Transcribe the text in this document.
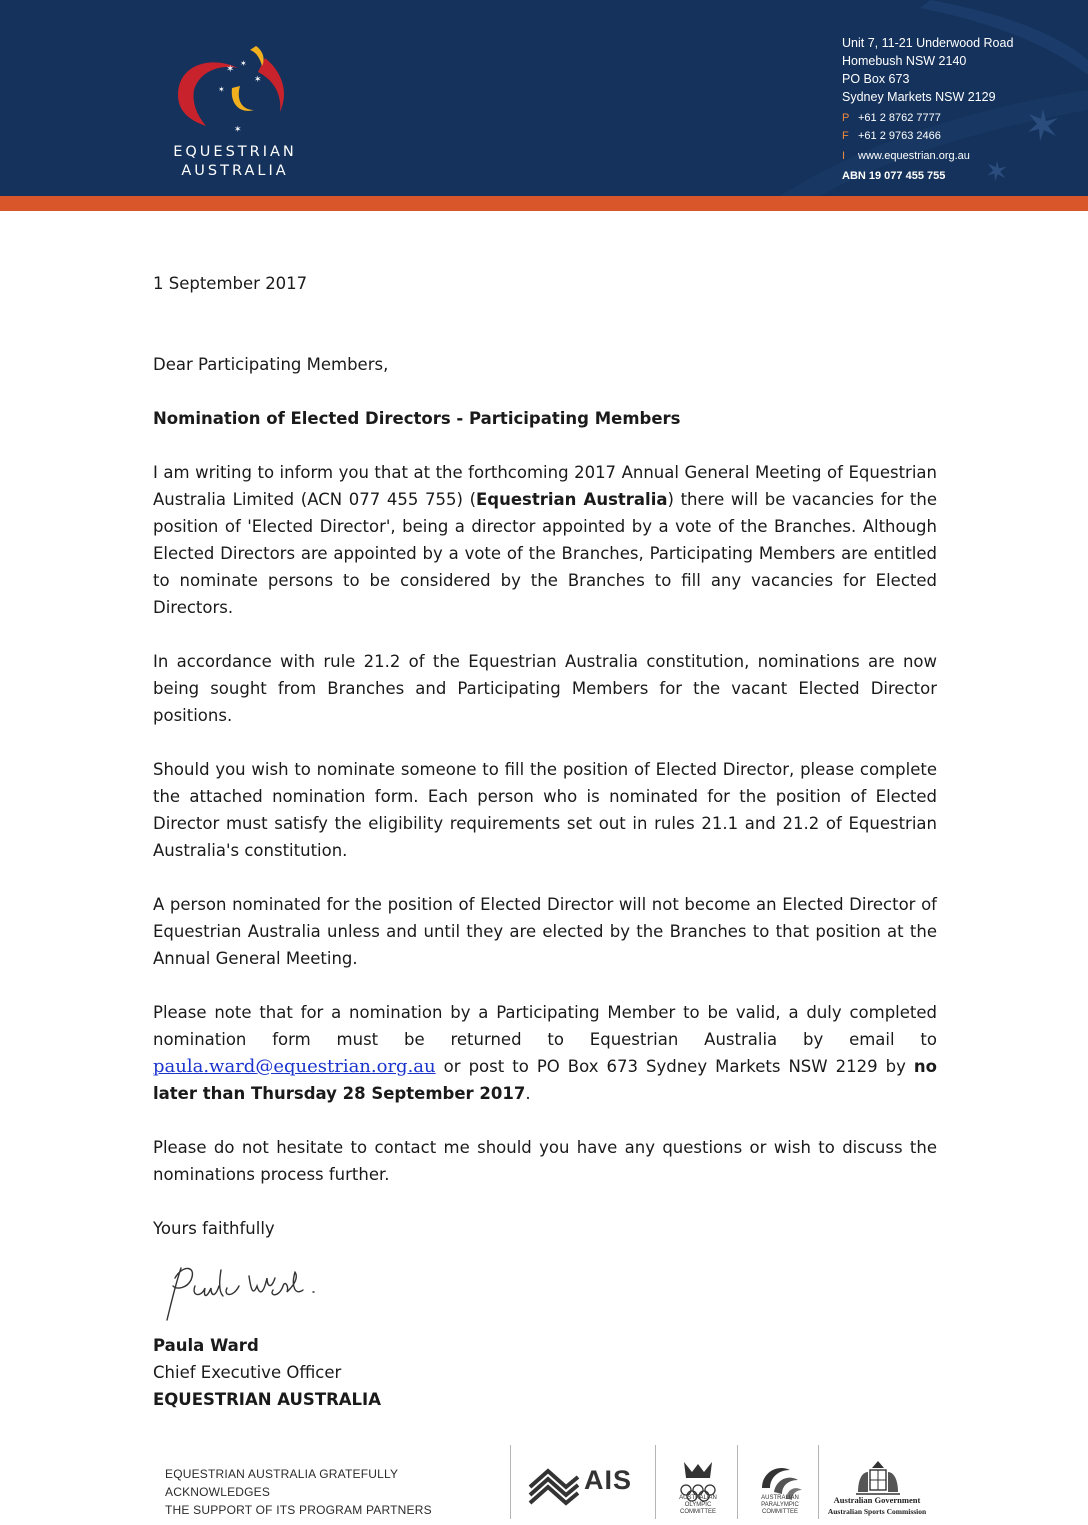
✶
✶
✶
✶
✶
EQUESTRIAN
AUSTRALIA
Unit 7, 11-21 Underwood Road
Homebush NSW 2140
PO Box 673
Sydney Markets NSW 2129
P +61 2 8762 7777
F +61 2 9763 2466
I www.equestrian.org.au
ABN 19 077 455 755
1 September 2017
Dear Participating Members,
Nomination of Elected Directors - Participating Members

I am writing to inform you that at the forthcoming 2017 Annual General Meeting of Equestrian Australia Limited (ACN 077 455 755) (Equestrian Australia) there will be vacancies for the position of 'Elected Director', being a director appointed by a vote of the Branches. Although Elected Directors are appointed by a vote of the Branches, Participating Members are entitled to nominate persons to be considered by the Branches to fill any vacancies for Elected Directors.

In accordance with rule 21.2 of the Equestrian Australia constitution, nominations are now being sought from Branches and Participating Members for the vacant Elected Director positions.

Should you wish to nominate someone to fill the position of Elected Director, please complete the attached nomination form. Each person who is nominated for the position of Elected Director must satisfy the eligibility requirements set out in rules 21.1 and 21.2 of Equestrian Australia's constitution.

A person nominated for the position of Elected Director will not become an Elected Director of Equestrian Australia unless and until they are elected by the Branches to that position at the Annual General Meeting.

Please note that for a nomination by a Participating Member to be valid, a duly completed nomination form must be returned to Equestrian Australia by email to paula.ward@equestrian.org.au or post to PO Box 673 Sydney Markets NSW 2129 by no later than Thursday 28 September 2017.

Please do not hesitate to contact me should you have any questions or wish to discuss the nominations process further.

Yours faithfully
Paula Ward
Chief Executive Officer
EQUESTRIAN AUSTRALIA
EQUESTRIAN AUSTRALIA GRATEFULLY ACKNOWLEDGES
THE SUPPORT OF ITS PROGRAM PARTNERS
AIS
AUSTRALIAN OLYMPIC COMMITTEE
AUSTRALIAN PARALYMPIC COMMITTEE
Australian Government
Australian Sports Commission
